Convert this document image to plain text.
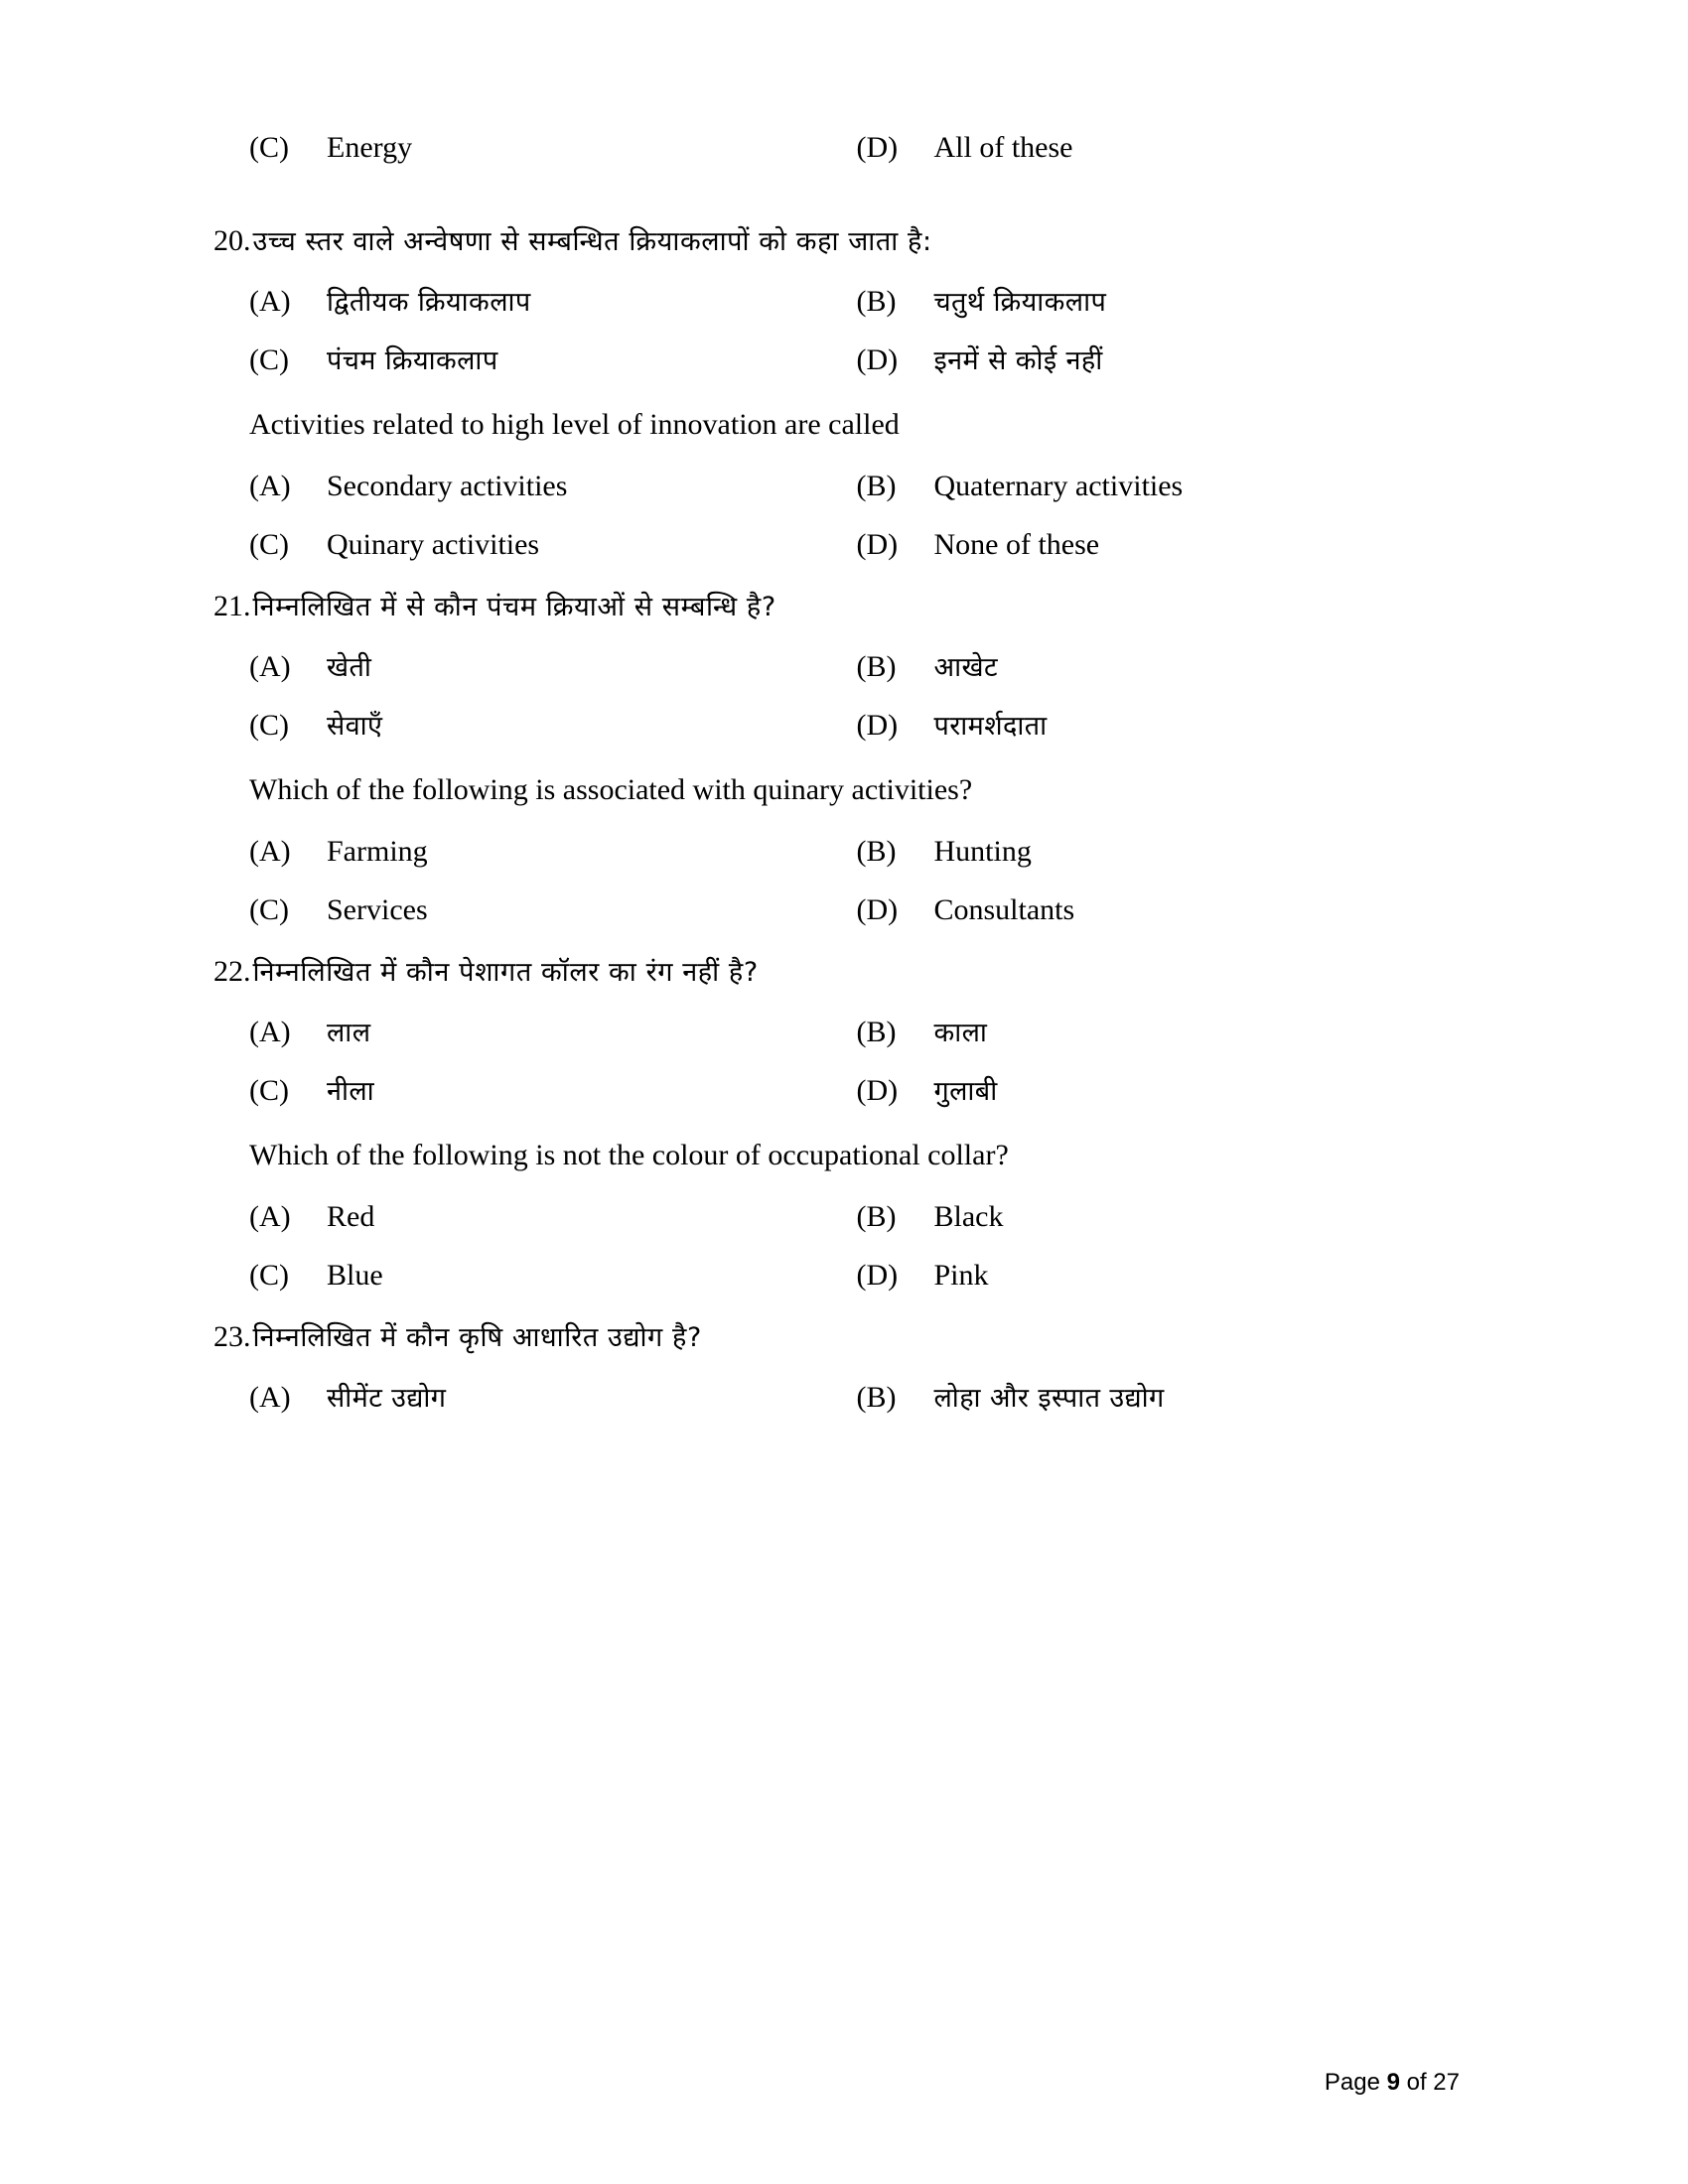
(C)	Energy	(D)	All of these
20. उच्च स्तर वाले अन्वेषणा से सम्बन्धित क्रियाकलापों को कहा जाता है:
(A)	द्वितीयक क्रियाकलाप	(B)	चतुर्थ क्रियाकलाप
(C)	पंचम क्रियाकलाप	(D)	इनमें से कोई नहीं
Activities related to high level of innovation are called
(A)	Secondary activities	(B)	Quaternary activities
(C)	Quinary activities	(D)	None of these
21. निम्नलिखित में से कौन पंचम क्रियाओं से सम्बन्धि है?
(A)	खेती	(B)	आखेट
(C)	सेवाएँ	(D)	परामर्शदाता
Which of the following is associated with quinary activities?
(A)	Farming	(B)	Hunting
(C)	Services	(D)	Consultants
22. निम्नलिखित में कौन पेशागत कॉलर का रंग नहीं है?
(A)	लाल	(B)	काला
(C)	नीला	(D)	गुलाबी
Which of the following is not the colour of occupational collar?
(A)	Red	(B)	Black
(C)	Blue	(D)	Pink
23. निम्नलिखित में कौन कृषि आधारित उद्योग है?
(A)	सीमेंट उद्योग	(B)	लोहा और इस्पात उद्योग
Page 9 of 27
